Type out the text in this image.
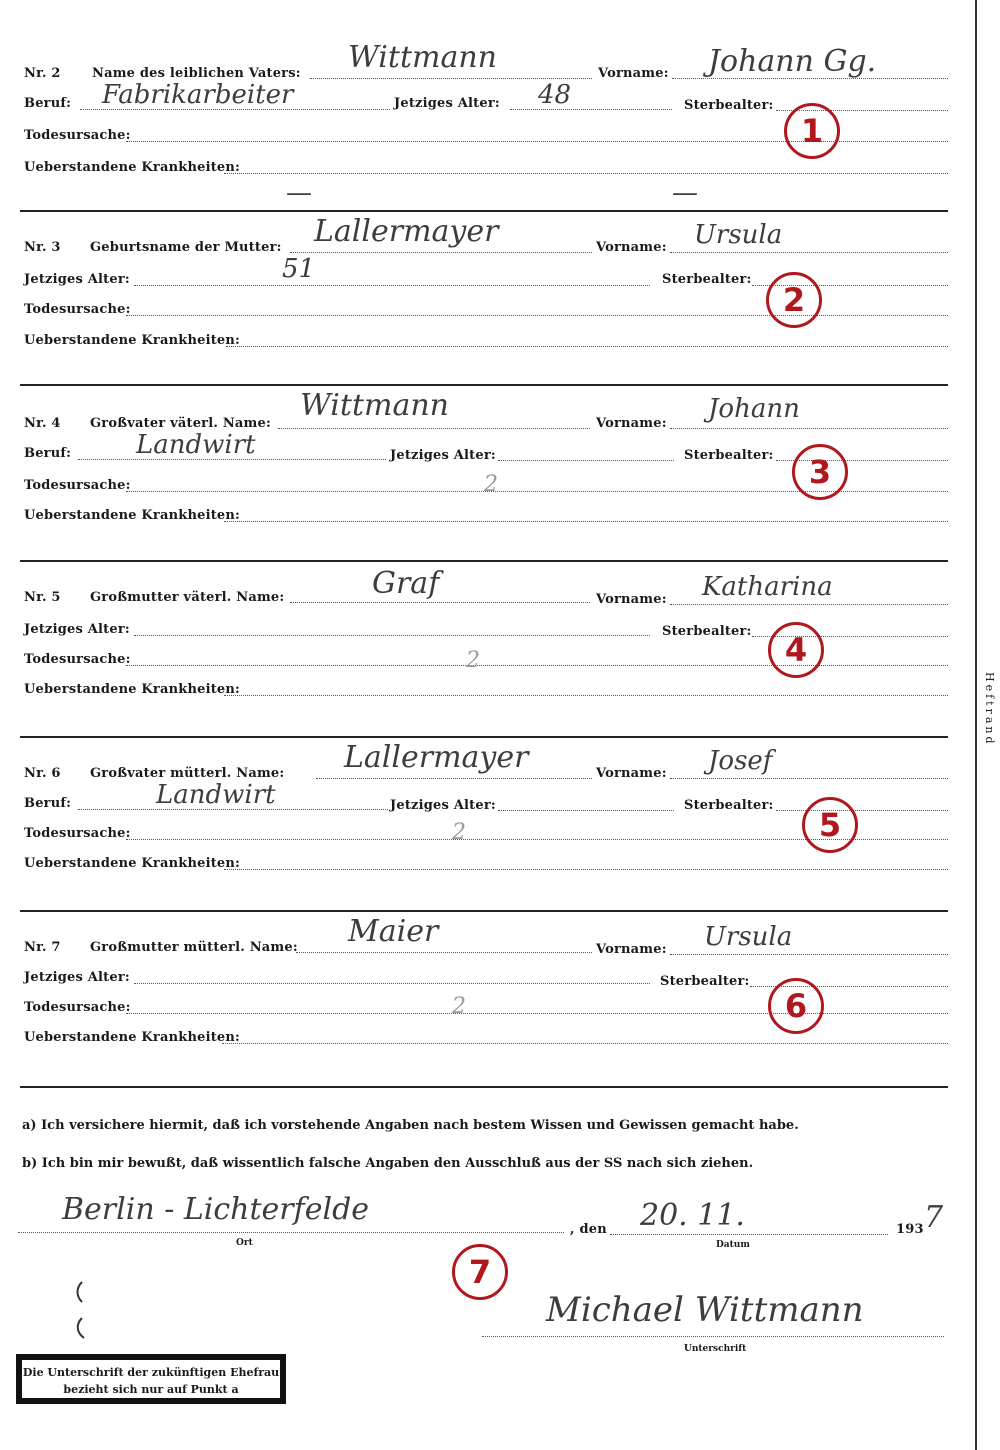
Heftrand
Nr. 2 Name des leiblichen Vaters: Wittmann	Vorname: Johann Gg.
Beruf: Fabrikarbeiter	Jetziges Alter: 48	Sterbealter:
—
Todesursache:
Ueberstandene Krankheiten:
—
1
Nr. 3 Geburtsname der Mutter: Lallermayer	Vorname: Ursula
Jetziges Alter:	51	Sterbealter:
Todesursache:
Ueberstandene Krankheiten:
2
Nr. 4 Großvater väterl. Name:
Wittmann
Vorname: Johann
Beruf: Landwirt	Jetziges Alter:	Sterbealter:
Todesursache:	2
Ueberstandene Krankheiten:
3
Nr. 5 Großmutter väterl. Name:	Graf	Vorname: Katharina
Jetziges Alter:	Sterbealter:
Todesursache:	2
Ueberstandene Krankheiten:
4
Nr. 6 Großvater mütterl. Name: Lallermayer	Vorname: Josef
Beruf:	Landwirt	Jetziges Alter:	Sterbealter:
Todesursache:	2
Ueberstandene Krankheiten:
5
Nr. 7 Großmutter mütterl. Name: Maier
Vorname: Ursula
Jetziges Alter:	Sterbealter:
Todesursache:	2
Ueberstandene Krankheiten:
6
a) Ich versichere hiermit, daß ich vorstehende Angaben nach bestem Wissen und Gewissen gemacht habe.
b) Ich bin mir bewußt, daß wissentlich falsche Angaben den Ausschluß aus der SS nach sich ziehen.
Berlin - Lichterfelde
Ort
, den 20. 11.
Datum
193 7
7
Michael Wittmann
Unterschrift
Die Unterschrift der zukünftigen Ehefrau bezieht sich nur auf Punkt a
